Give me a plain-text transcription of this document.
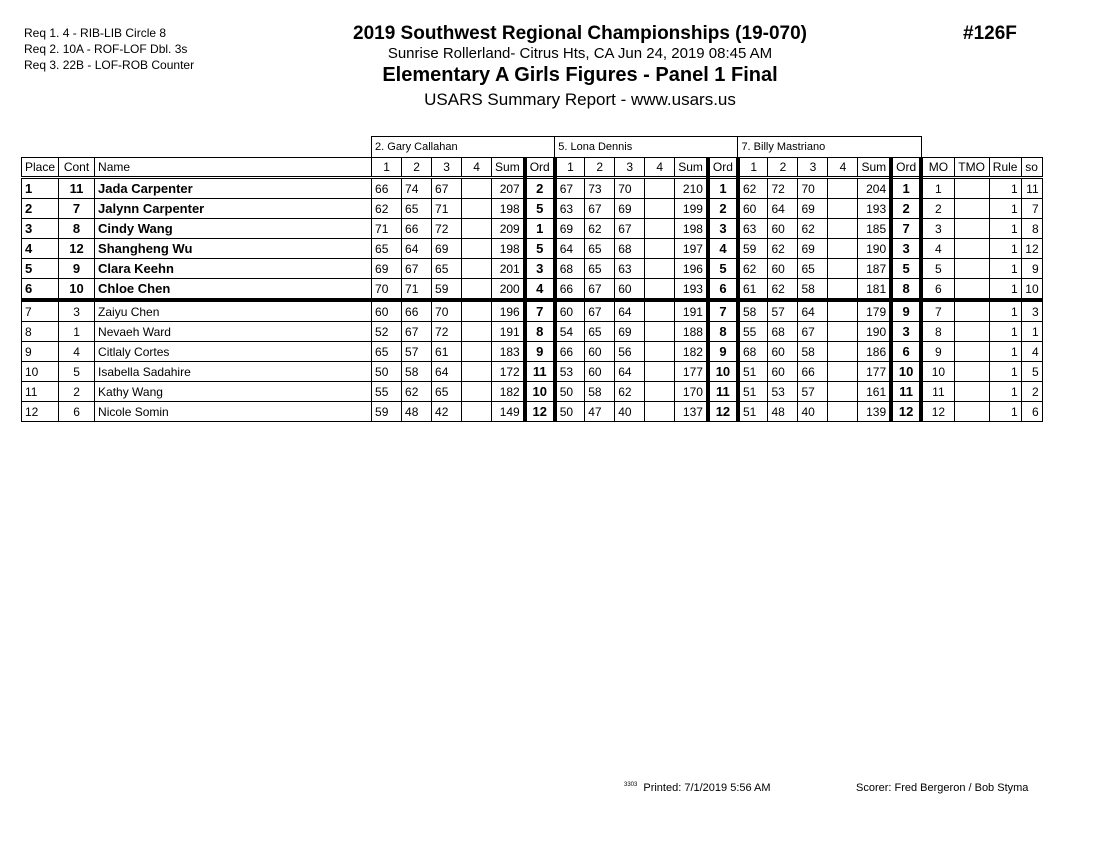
Req 1. 4 - RIB-LIB Circle 8
Req 2. 10A - ROF-LOF Dbl. 3s
Req 3. 22B - LOF-ROB Counter
2019 Southwest Regional Championships (19-070)
Sunrise Rollerland- Citrus Hts, CA Jun 24, 2019 08:45 AM
Elementary A Girls Figures - Panel 1 Final
USARS Summary Report - www.usars.us
#126F
			2. Gary Callahan						5. Lona Dennis						7. Billy Mastriano									
Place	Cont	Name	1	2	3	4	Sum	Ord	1	2	3	4	Sum	Ord	1	2	3	4	Sum	Ord	MO	TMO	Rule	so
1	11	Jada Carpenter	66	74	67		207	2	67	73	70		210	1	62	72	70		204	1	1		1	11
2	7	Jalynn Carpenter	62	65	71		198	5	63	67	69		199	2	60	64	69		193	2	2		1	7
3	8	Cindy Wang	71	66	72		209	1	69	62	67		198	3	63	60	62		185	7	3		1	8
4	12	Shangheng Wu	65	64	69		198	5	64	65	68		197	4	59	62	69		190	3	4		1	12
5	9	Clara Keehn	69	67	65		201	3	68	65	63		196	5	62	60	65		187	5	5		1	9
6	10	Chloe Chen	70	71	59		200	4	66	67	60		193	6	61	62	58		181	8	6		1	10
7	3	Zaiyu Chen	60	66	70		196	7	60	67	64		191	7	58	57	64		179	9	7		1	3
8	1	Nevaeh Ward	52	67	72		191	8	54	65	69		188	8	55	68	67		190	3	8		1	1
9	4	Citlaly Cortes	65	57	61		183	9	66	60	56		182	9	68	60	58		186	6	9		1	4
10	5	Isabella Sadahire	50	58	64		172	11	53	60	64		177	10	51	60	66		177	10	10		1	5
11	2	Kathy Wang	55	62	65		182	10	50	58	62		170	11	51	53	57		161	11	11		1	2
12	6	Nicole Somin	59	48	42		149	12	50	47	40		137	12	51	48	40		139	12	12		1	6
$^{3303}$ Printed: 7/1/2019 5:56 AM	Scorer: Fred Bergeron / Bob Styma
